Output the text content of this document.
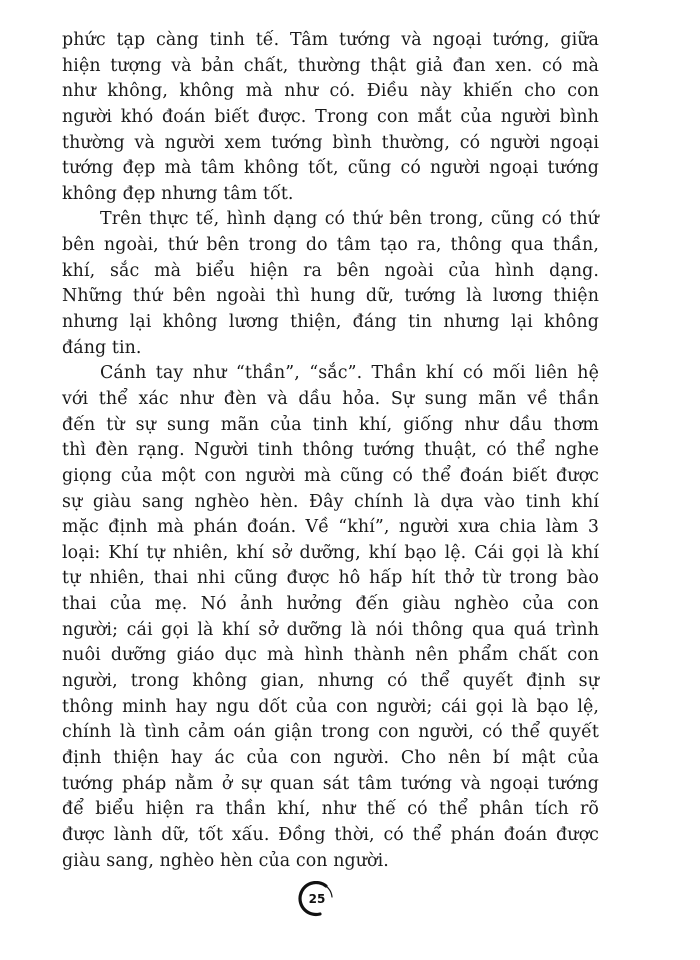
phức tạp càng tinh tế. Tâm tướng và ngoại tướng, giữa
hiện tượng và bản chất, thường thật giả đan xen. có mà
như không, không mà như có. Điều này khiến cho con
người khó đoán biết được. Trong con mắt của người bình
thường và người xem tướng bình thường, có người ngoại
tướng đẹp mà tâm không tốt, cũng có người ngoại tướng
không đẹp nhưng tâm tốt.
Trên thực tế, hình dạng có thứ bên trong, cũng có thứ
bên ngoài, thứ bên trong do tâm tạo ra, thông qua thần,
khí, sắc mà biểu hiện ra bên ngoài của hình dạng.
Những thứ bên ngoài thì hung dữ, tướng là lương thiện
nhưng lại không lương thiện, đáng tin nhưng lại không
đáng tin.
Cánh tay như “thần”, “sắc”. Thần khí có mối liên hệ
với thể xác như đèn và dầu hỏa. Sự sung mãn về thần
đến từ sự sung mãn của tinh khí, giống như dầu thơm
thì đèn rạng. Người tinh thông tướng thuật, có thể nghe
giọng của một con người mà cũng có thể đoán biết được
sự giàu sang nghèo hèn. Đây chính là dựa vào tinh khí
mặc định mà phán đoán. Về “khí”, người xưa chia làm 3
loại: Khí tự nhiên, khí sở dưỡng, khí bạo lệ. Cái gọi là khí
tự nhiên, thai nhi cũng được hô hấp hít thở từ trong bào
thai của mẹ. Nó ảnh hưởng đến giàu nghèo của con
người; cái gọi là khí sở dưỡng là nói thông qua quá trình
nuôi dưỡng giáo dục mà hình thành nên phẩm chất con
người, trong không gian, nhưng có thể quyết định sự
thông minh hay ngu dốt của con người; cái gọi là bạo lệ,
chính là tình cảm oán giận trong con người, có thể quyết
định thiện hay ác của con người. Cho nên bí mật của
tướng pháp nằm ở sự quan sát tâm tướng và ngoại tướng
để biểu hiện ra thần khí, như thế có thể phân tích rõ
được lành dữ, tốt xấu. Đồng thời, có thể phán đoán được
giàu sang, nghèo hèn của con người.
25
